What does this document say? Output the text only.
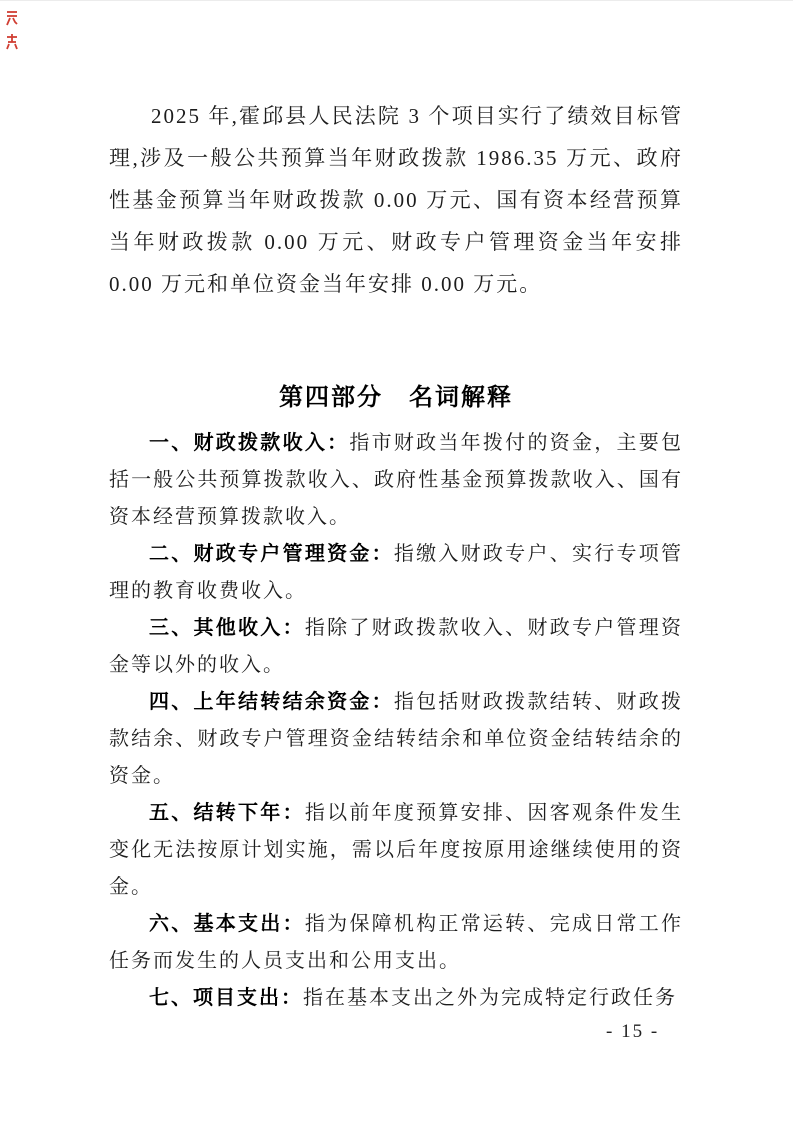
2025 年,霍邱县人民法院 3 个项目实行了绩效目标管理,涉及一般公共预算当年财政拨款 1986.35 万元、政府性基金预算当年财政拨款 0.00 万元、国有资本经营预算当年财政拨款 0.00 万元、财政专户管理资金当年安排 0.00 万元和单位资金当年安排 0.00 万元。

第四部分　名词解释

一、财政拨款收入：指市财政当年拨付的资金，主要包括一般公共预算拨款收入、政府性基金预算拨款收入、国有资本经营预算拨款收入。

二、财政专户管理资金：指缴入财政专户、实行专项管理的教育收费收入。

三、其他收入：指除了财政拨款收入、财政专户管理资金等以外的收入。

四、上年结转结余资金：指包括财政拨款结转、财政拨款结余、财政专户管理资金结转结余和单位资金结转结余的资金。

五、结转下年：指以前年度预算安排、因客观条件发生变化无法按原计划实施，需以后年度按原用途继续使用的资金。

六、基本支出：指为保障机构正常运转、完成日常工作任务而发生的人员支出和公用支出。

七、项目支出：指在基本支出之外为完成特定行政任务

- 15 -
